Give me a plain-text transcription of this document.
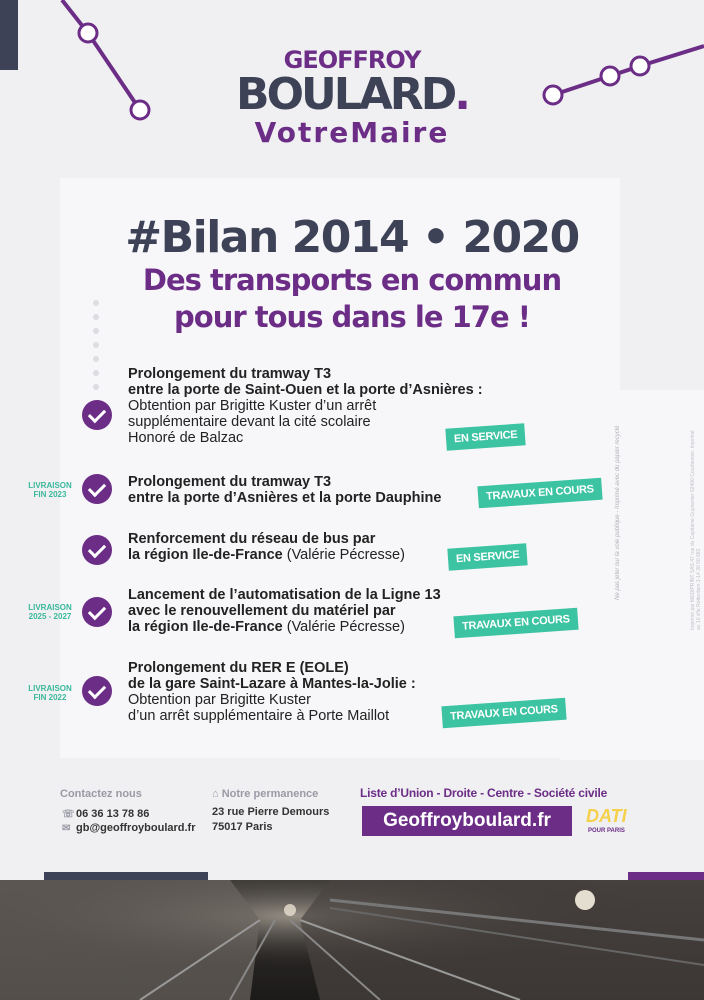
GEOFFROY
BOULARD.
VotreMaire
#Bilan 2014 • 2020
Des transports en commun
pour tous dans le 17e !
Prolongement du tramway T3
entre la porte de Saint-Ouen et la porte d’Asnières :
Obtention par Brigitte Kuster d’un arrêt
supplémentaire devant la cité scolaire
Honoré de Balzac	EN SERVICE
LIVRAISON
FIN 2023
Prolongement du tramway T3
entre la porte d’Asnières et la porte Dauphine	TRAVAUX EN COURS
Renforcement du réseau de bus par
la région Ile-de-France (Valérie Pécresse)	EN SERVICE
LIVRAISON
2025 - 2027
Lancement de l’automatisation de la Ligne 13
avec le renouvellement du matériel par
la région Ile-de-France (Valérie Pécresse)	TRAVAUX EN COURS
LIVRAISON
FIN 2022
Prolongement du RER E (EOLE)
de la gare Saint-Lazare à Mantes-la-Jolie :
Obtention par Brigitte Kuster
d’un arrêt supplémentaire à Porte Maillot	TRAVAUX EN COURS
Contactez nous
☏06 36 13 78 86
✉ gb@geoffroyboulard.fr
⌂ Notre permanence
23 rue Pierre Demours
75017 Paris
Liste d’Union - Droite - Centre - Société civile
Geoffroyboulard.fr	DATI
POUR PARIS
Ne pas jeter sur la voie publique - Imprimé avec du papier recyclé	Imprimé par MEDIPRINT SAS 47 rue du Capitaine Guynemer 92400 Courbevoie. Imprimé au 10 d’le Rotterdam 1-14 30 50 683
